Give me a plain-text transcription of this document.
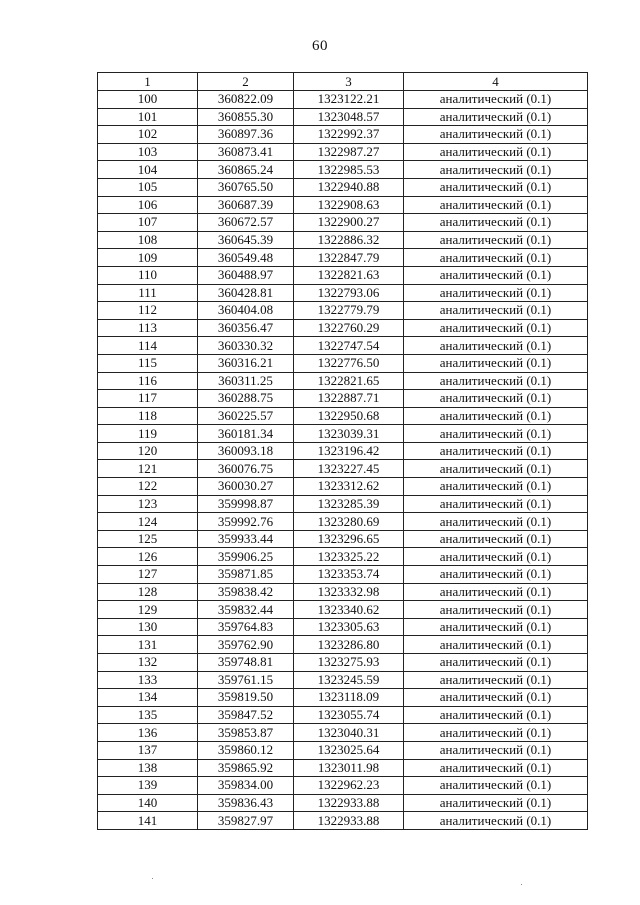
60
1	2	3	4
100	360822.09	1323122.21	аналитический (0.1)
101	360855.30	1323048.57	аналитический (0.1)
102	360897.36	1322992.37	аналитический (0.1)
103	360873.41	1322987.27	аналитический (0.1)
104	360865.24	1322985.53	аналитический (0.1)
105	360765.50	1322940.88	аналитический (0.1)
106	360687.39	1322908.63	аналитический (0.1)
107	360672.57	1322900.27	аналитический (0.1)
108	360645.39	1322886.32	аналитический (0.1)
109	360549.48	1322847.79	аналитический (0.1)
110	360488.97	1322821.63	аналитический (0.1)
111	360428.81	1322793.06	аналитический (0.1)
112	360404.08	1322779.79	аналитический (0.1)
113	360356.47	1322760.29	аналитический (0.1)
114	360330.32	1322747.54	аналитический (0.1)
115	360316.21	1322776.50	аналитический (0.1)
116	360311.25	1322821.65	аналитический (0.1)
117	360288.75	1322887.71	аналитический (0.1)
118	360225.57	1322950.68	аналитический (0.1)
119	360181.34	1323039.31	аналитический (0.1)
120	360093.18	1323196.42	аналитический (0.1)
121	360076.75	1323227.45	аналитический (0.1)
122	360030.27	1323312.62	аналитический (0.1)
123	359998.87	1323285.39	аналитический (0.1)
124	359992.76	1323280.69	аналитический (0.1)
125	359933.44	1323296.65	аналитический (0.1)
126	359906.25	1323325.22	аналитический (0.1)
127	359871.85	1323353.74	аналитический (0.1)
128	359838.42	1323332.98	аналитический (0.1)
129	359832.44	1323340.62	аналитический (0.1)
130	359764.83	1323305.63	аналитический (0.1)
131	359762.90	1323286.80	аналитический (0.1)
132	359748.81	1323275.93	аналитический (0.1)
133	359761.15	1323245.59	аналитический (0.1)
134	359819.50	1323118.09	аналитический (0.1)
135	359847.52	1323055.74	аналитический (0.1)
136	359853.87	1323040.31	аналитический (0.1)
137	359860.12	1323025.64	аналитический (0.1)
138	359865.92	1323011.98	аналитический (0.1)
139	359834.00	1322962.23	аналитический (0.1)
140	359836.43	1322933.88	аналитический (0.1)
141	359827.97	1322933.88	аналитический (0.1)
